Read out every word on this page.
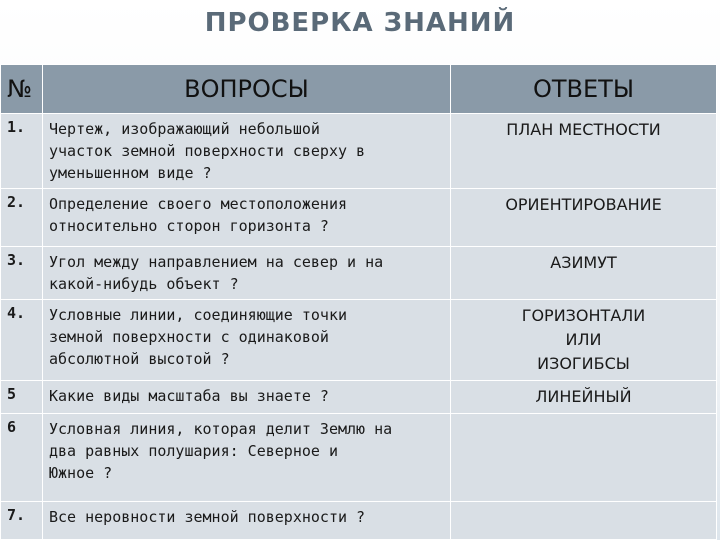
ПРОВЕРКА ЗНАНИЙ
№	ВОПРОСЫ	ОТВЕТЫ
1.	Чертеж, изображающий небольшой
участок земной поверхности сверху в
уменьшенном виде ?	ПЛАН МЕСТНОСТИ

2.	Определение своего местоположения
относительно сторон горизонта ?	ОРИЕНТИРОВАНИЕ

3.	Угол между направлением на север и на
какой-нибудь объект ?	АЗИМУТ

4.	Условные линии, соединяющие точки
земной поверхности с одинаковой
абсолютной высотой ?	ГОРИЗОНТАЛИ
ИЛИ
ИЗОГИБСЫ

5	Какие виды масштаба вы знаете ?	ЛИНЕЙНЫЙ

6	Условная линия, которая делит Землю на
два равных полушария: Северное и
Южное ?	

7.	Все неровности земной поверхности ?	
